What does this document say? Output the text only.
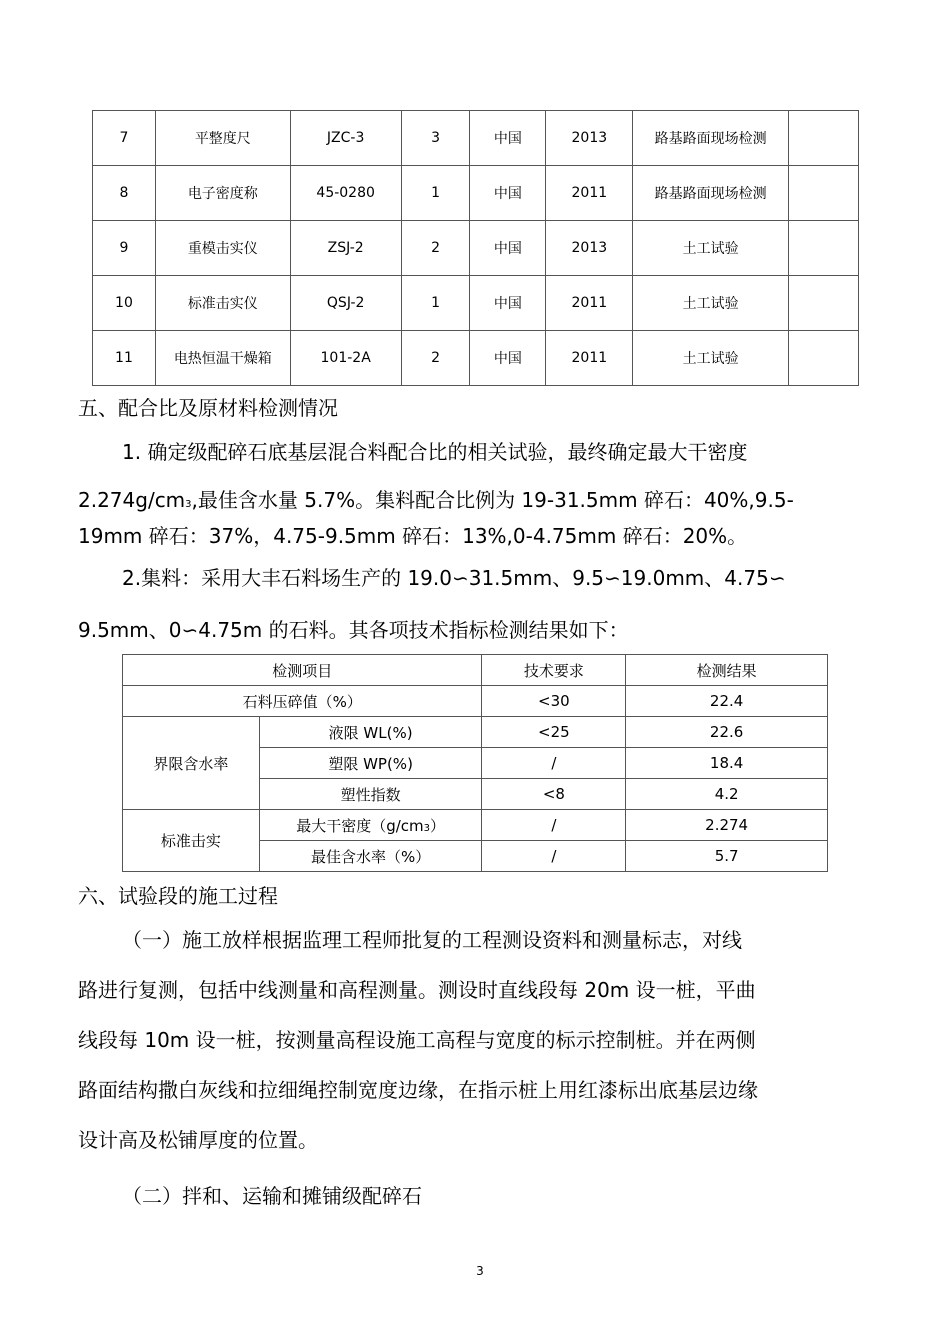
7	平整度尺	JZC-3	3	中国	2013	路基路面现场检测	
8	电子密度称	45-0280	1	中国	2011	路基路面现场检测	
9	重模击实仪	ZSJ-2	2	中国	2013	土工试验	
10	标准击实仪	QSJ-2	1	中国	2011	土工试验	
11	电热恒温干燥箱	101-2A	2	中国	2011	土工试验	
五、配合比及原材料检测情况
1. 确定级配碎石底基层混合料配合比的相关试验，最终确定最大干密度
2.274g/cm3,最佳含水量 5.7%。集料配合比例为 19-31.5mm 碎石：40%,9.5-
19mm 碎石：37%，4.75-9.5mm 碎石：13%,0-4.75mm 碎石：20%。
2.集料：采用大丰石料场生产的 19.0∽31.5mm、9.5∽19.0mm、4.75∽
9.5mm、0∽4.75m 的石料。其各项技术指标检测结果如下：
检测项目		技术要求	检测结果
石料压碎值（%）		<30	22.4
界限含水率	液限 WL(%)	<25	22.6
	塑限 WP(%)	/	18.4
	塑性指数	<8	4.2
标准击实	最大干密度（g/cm3）	/	2.274
	最佳含水率（%）	/	5.7
六、试验段的施工过程
（一）施工放样根据监理工程师批复的工程测设资料和测量标志，对线
路进行复测，包括中线测量和高程测量。测设时直线段每 20m 设一桩，平曲
线段每 10m 设一桩，按测量高程设施工高程与宽度的标示控制桩。并在两侧
路面结构撒白灰线和拉细绳控制宽度边缘，在指示桩上用红漆标出底基层边缘
设计高及松铺厚度的位置。
（二）拌和、运输和摊铺级配碎石
3
